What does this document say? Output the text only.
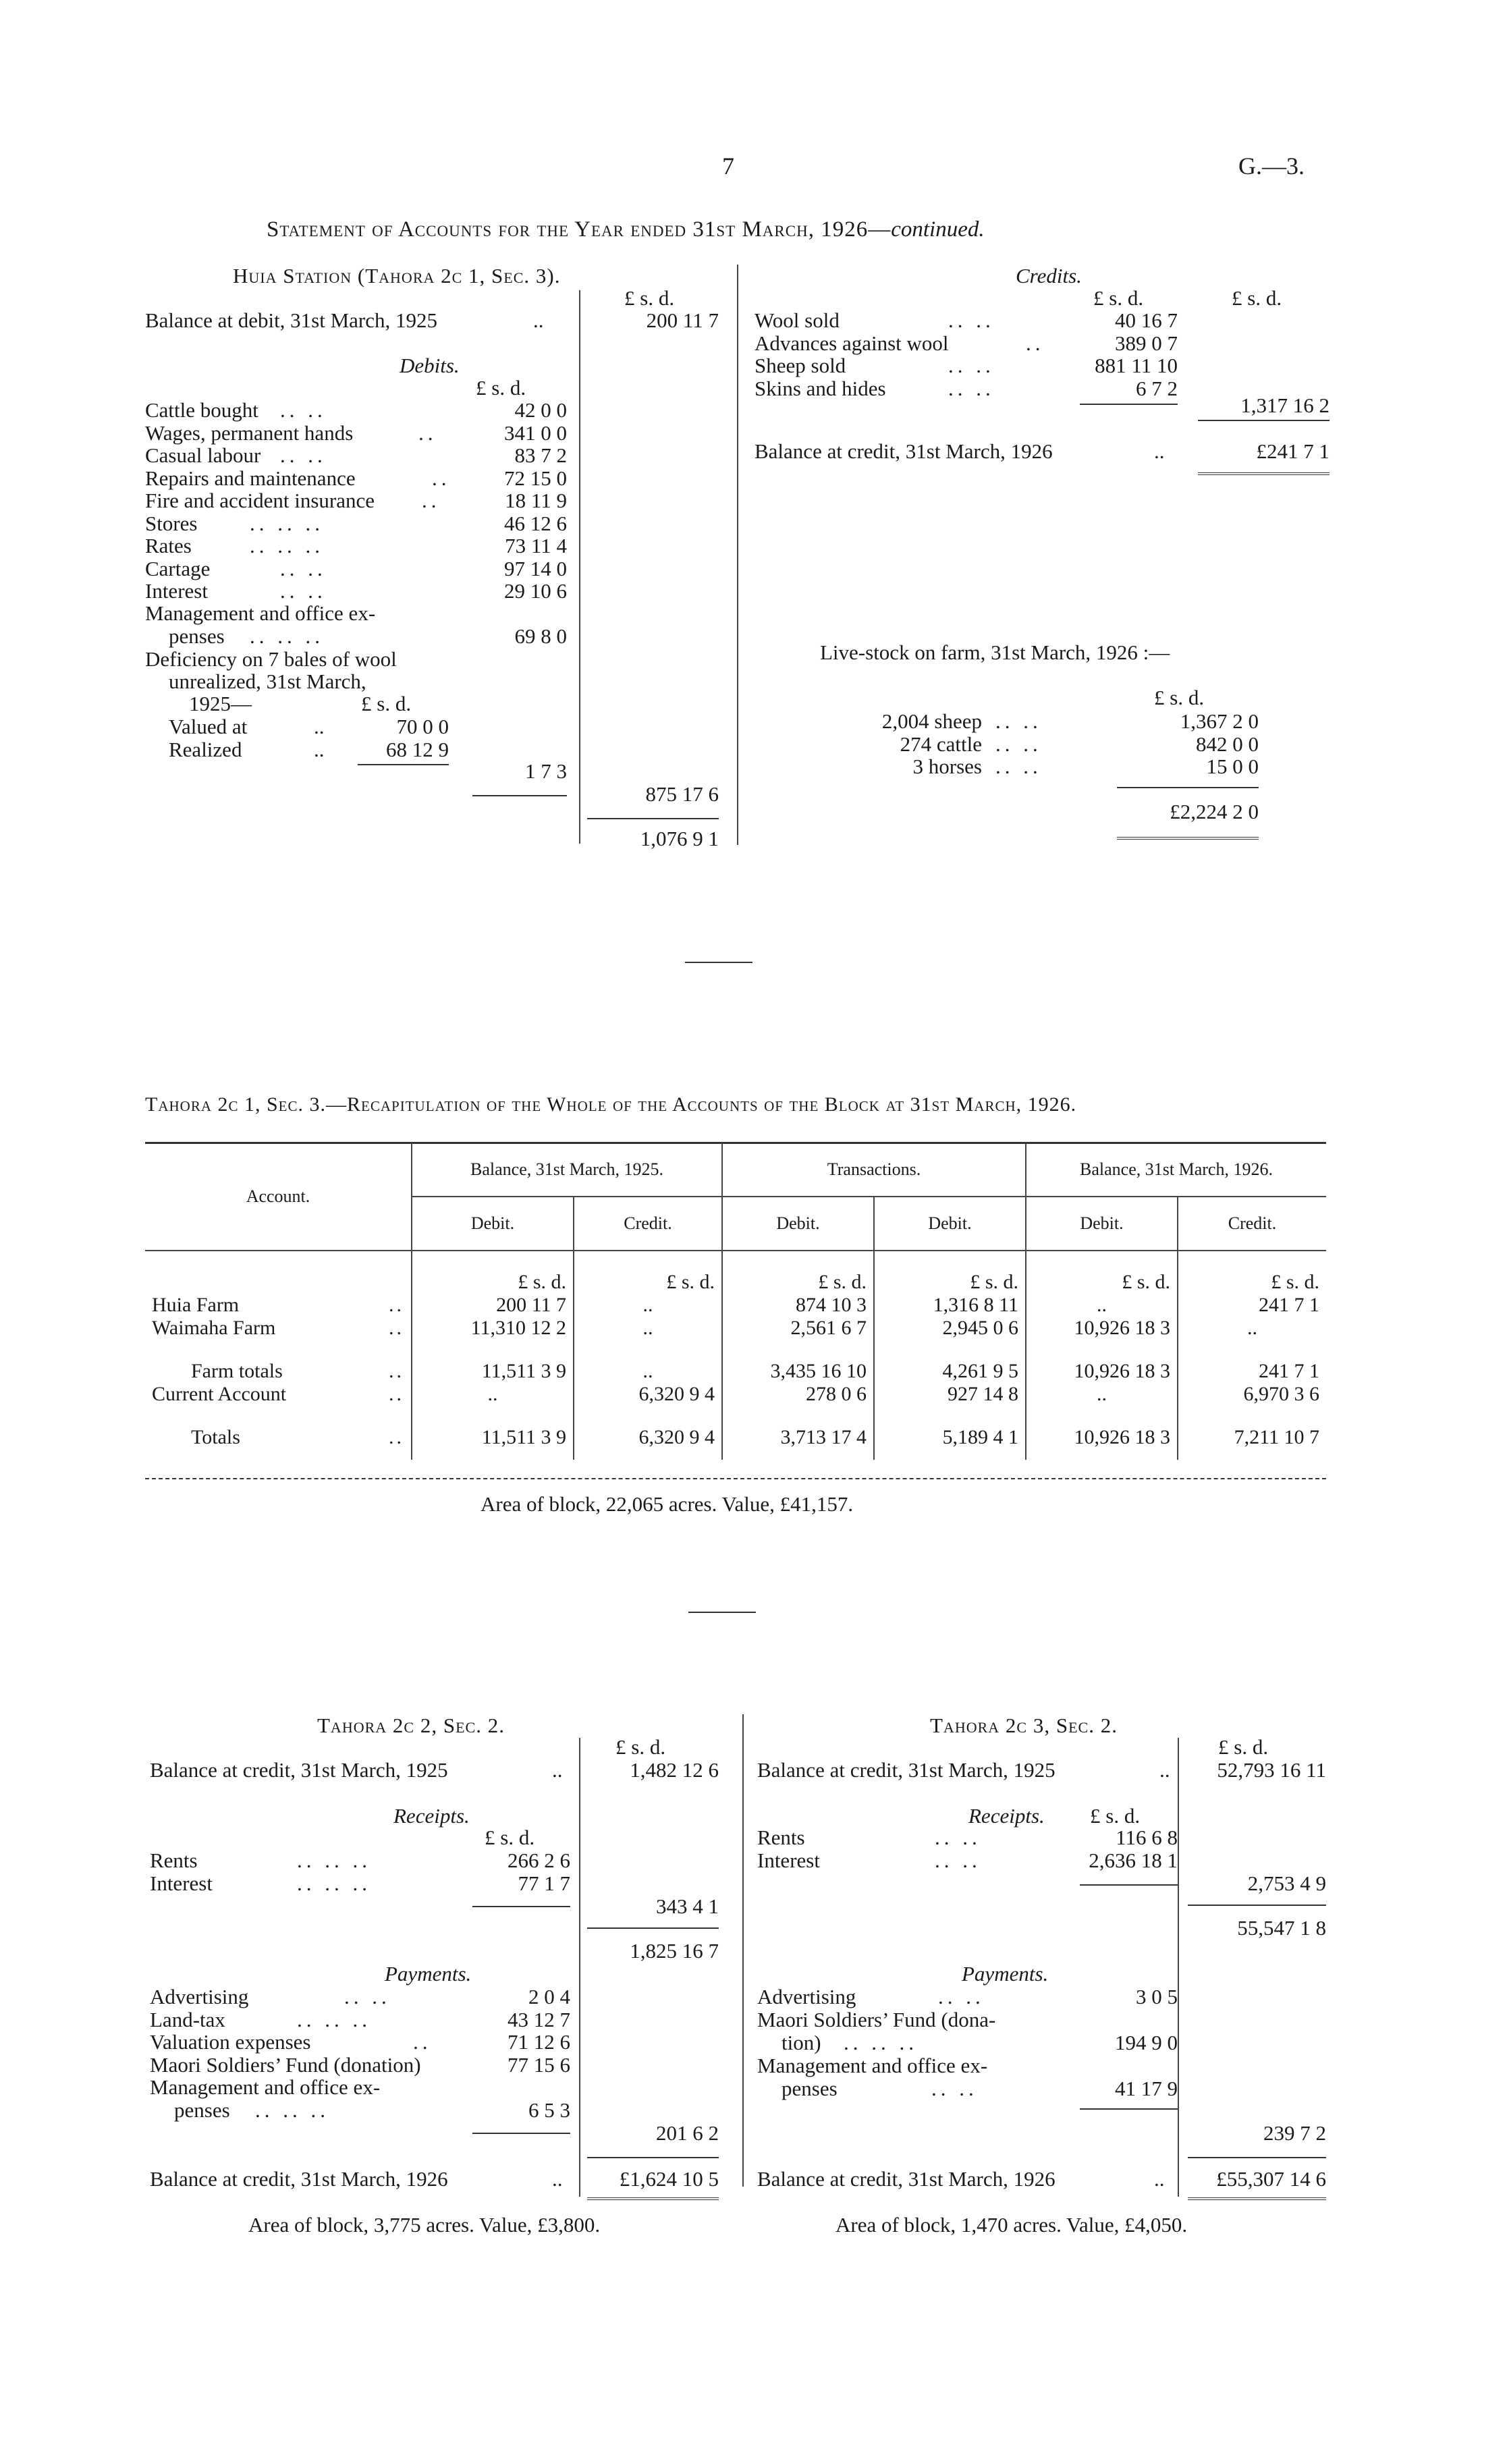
7	G.—3.
Statement of Accounts for the Year ended 31st March, 1926—continued.
Huia Station (Tahora 2c 1, Sec. 3).
£ s. d.
Balance at debit, 31st March, 1925	..	200 11 7
Debits.
£ s. d.
Cattle bought .. ..	42 0 0
Wages, permanent hands	..	341 0 0
Casual labour .. ..	83 7 2
Repairs and maintenance	..	72 15 0
Fire and accident insurance ..	18 11 9
Stores	.. .. ..	46 12 6
Rates	.. .. ..	73 11 4
Cartage	.. ..	97 14 0
Interest	.. ..	29 10 6
Management and office ex-
penses .. .. ..	69 8 0
Deficiency on 7 bales of wool
unrealized, 31st March,
1925—	£ s. d.
Valued at	..	70 0 0
Realized	..	68 12 9
1 7 3
875 17 6
1,076 9 1
Credits.
£ s. d.	£ s. d.
Wool sold	.. ..	40 16 7
Advances against wool	..	389 0 7
Sheep sold	.. ..	881 11 10
Skins and hides	.. ..	6 7 2
1,317 16 2
Balance at credit, 31st March, 1926	..	£241 7 1
Live-stock on farm, 31st March, 1926 :—
£ s. d.
2,004 sheep .. ..	1,367 2 0
274 cattle .. ..	842 0 0
3 horses .. ..	15 0 0
£2,224 2 0
Tahora 2c 1, Sec. 3.—Recapitulation of the Whole of the Accounts of the Block at 31st March, 1926.
Account.	Balance, 31st March, 1925.		Transactions.		Balance, 31st March, 1926.	
	Debit.	Credit.	Debit.	Debit.	Debit.	Credit.

	£ s. d.	£ s. d.	£ s. d.	£ s. d.	£ s. d.	£ s. d.
Huia Farm ..	200 11 7	..	874 10 3	1,316 8 11	..	241 7 1
Waimaha Farm ..	11,310 12 2	..	2,561 6 7	2,945 0 6	10,926 18 3	..

Farm totals ..	11,511 3 9	..	3,435 16 10	4,261 9 5	10,926 18 3	241 7 1
Current Account ..	..	6,320 9 4	278 0 6	927 14 8	..	6,970 3 6

Totals ..	11,511 3 9	6,320 9 4	3,713 17 4	5,189 4 1	10,926 18 3	7,211 10 7

Area of block, 22,065 acres. Value, £41,157.
Tahora 2c 2, Sec. 2.
£ s. d.
Balance at credit, 31st March, 1925	..	1,482 12 6
Receipts.
£ s. d.
Rents	.. .. ..	266 2 6
Interest	.. .. ..	77 1 7
343 4 1
1,825 16 7
Payments.
Advertising	.. ..	2 0 4
Land-tax	.. .. ..	43 12 7
Valuation expenses	..	71 12 6
Maori Soldiers’ Fund (donation)	77 15 6
Management and office ex-
penses .. .. ..	6 5 3
201 6 2
Balance at credit, 31st March, 1926	..	£1,624 10 5
Area of block, 3,775 acres. Value, £3,800.
Tahora 2c 3, Sec. 2.
£ s. d.
Balance at credit, 31st March, 1925	..	52,793 16 11
Receipts. £ s. d.
Rents	.. ..	116 6 8
Interest	.. ..	2,636 18 1
2,753 4 9
55,547 1 8
Payments.
Advertising	.. ..	3 0 5
Maori Soldiers’ Fund (dona-
tion) .. .. ..	194 9 0
Management and office ex-
penses	.. ..	41 17 9
239 7 2
Balance at credit, 31st March, 1926	..	£55,307 14 6
Area of block, 1,470 acres. Value, £4,050.
